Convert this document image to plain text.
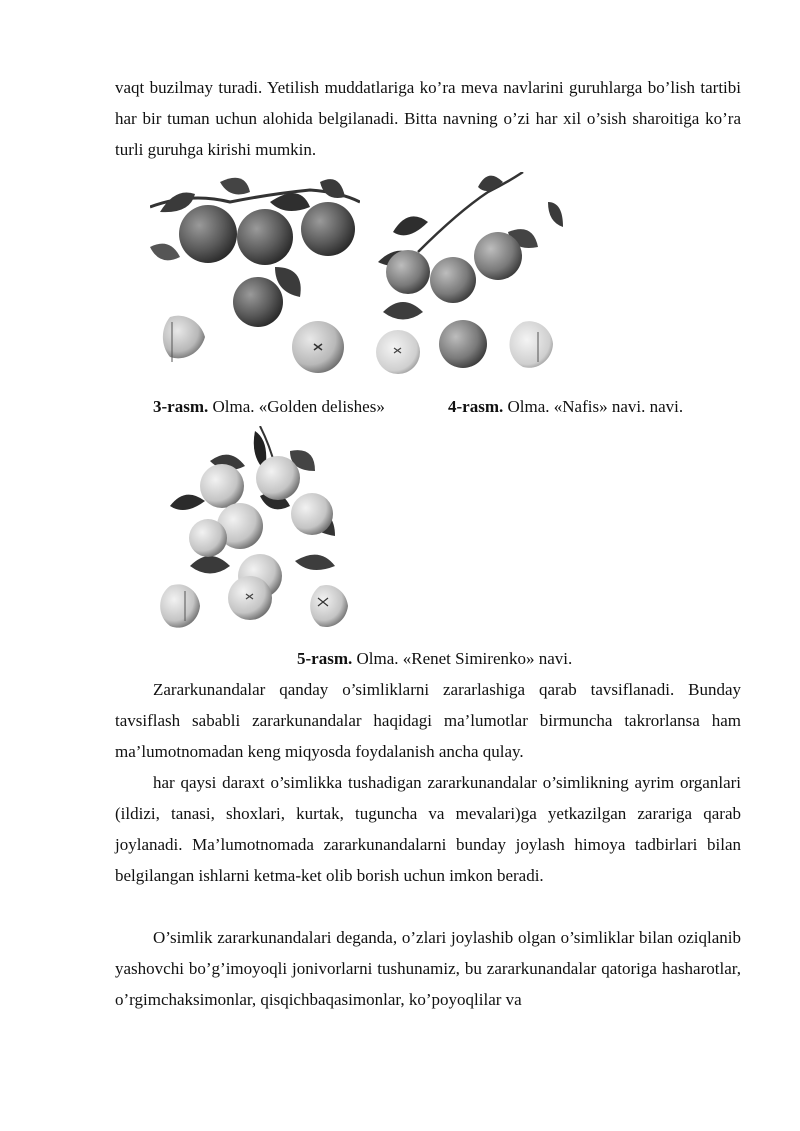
vaqt buzilmay turadi. Yetilish muddatlariga ko’ra meva navlarini guruhlarga bo’lish tartibi har bir tuman uchun alohida belgilanadi. Bitta navning o’zi har xil o’sish sharoitiga ko’ra turli guruhga kirishi mumkin.

3-rasm. Olma. «Golden delishes»	4-rasm. Olma. «Nafis» navi. navi.
5-rasm. Olma. «Renet Simirenko» navi.

Zararkunandalar qanday o’simliklarni zararlashiga qarab tavsiflanadi. Bunday tavsiflash sababli zararkunandalar haqidagi ma’lumotlar birmuncha takrorlansa ham ma’lumotnomadan keng miqyosda foydalanish ancha qulay.

har qaysi daraxt o’simlikka tushadigan zararkunandalar o’simlikning ayrim organlari (ildizi, tanasi, shoxlari, kurtak, tuguncha va mevalari)ga yetkazilgan zarariga qarab joylanadi. Ma’lumotnomada zararkunandalarni bunday joylash himoya tadbirlari bilan belgilangan ishlarni ketma-ket olib borish uchun imkon beradi.

O’simlik zararkunandalari deganda, o’zlari joylashib olgan o’simliklar bilan oziqlanib yashovchi bo’g’imoyoqli jonivorlarni tushunamiz, bu zararkunandalar qatoriga hasharotlar, o’rgimchaksimonlar, qisqichbaqasimonlar, ko’poyoqlilar va
